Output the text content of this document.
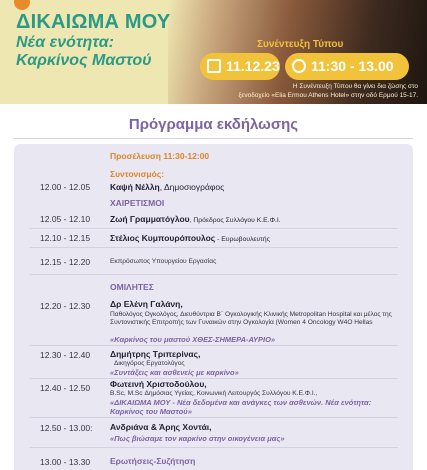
ΔΙΚΑΙΩΜΑ ΜΟΥ
Νέα ενότητα:
Καρκίνος Μαστού
Συνέντευξη Τύπου
11.12.23	11:30 - 13.00
Η Συνέντευξη Τύπου θα γίνει δια ζώσης στο
ξενοδοχείο «Elia Ermou Athens Hotel» στην οδό Ερμού 15-17.
Πρόγραμμα εκδήλωσης
Προσέλευση 11:30-12:00
Συντονισμός:
12.00 - 12.05 Καψή Νέλλη, Δημοσιογράφος
ΧΑΙΡΕΤΙΣΜΟΙ
12.05 - 12.10 Ζωή Γραμματόγλου, Πρόεδρος Συλλόγου Κ.Ε.Φ.Ι.
12.10 - 12.15 Στέλιος Κυμπουρόπουλος - Ευρωβουλευτής
12.15 - 12.20	Εκπρόσωπος Υπουργείου Εργασίας
ΟΜΙΛΗΤΕΣ
12.20 - 12.30 Δρ Ελένη Γαλάνη,
Παθολόγος Ογκολόγος, Διευθύντρια Β΄ Ογκολογικής Κλινικής Metropolitan Hospital και μέλος της Συντονιστικής Επιτροπής των Γυναικών στην Ογκολογία (Women 4 Oncology W4O Hellas
«Καρκίνος του μαστού ΧΘΕΣ-ΣΗΜΕΡΑ-ΑΥΡΙΟ»
12.30 - 12.40 Δημήτρης Τριπερίνας,
Δικηγόρος Εργατολόγος
«Συντάξεις και ασθενείς με καρκίνο»
12.40 - 12.50 Φωτεινή Χριστοδούλου,
B.Sc, M.Sc Δημόσιας Υγείας, Κοινωνική Λειτουργός Συλλόγου Κ.Ε.Φ.Ι.,
«ΔΙΚΑΙΩΜΑ ΜΟΥ - Νέα δεδομένα και ανάγκες των ασθενών. Νέα ενότητα: Καρκίνος του Μαστού»
12.50 - 13.00: Ανδριάνα & Άρης Χοντάι,
«Πως βιώσαμε τον καρκίνο στην οικογένεια μας»
13.00 - 13.30 Ερωτήσεις-Συζήτηση
